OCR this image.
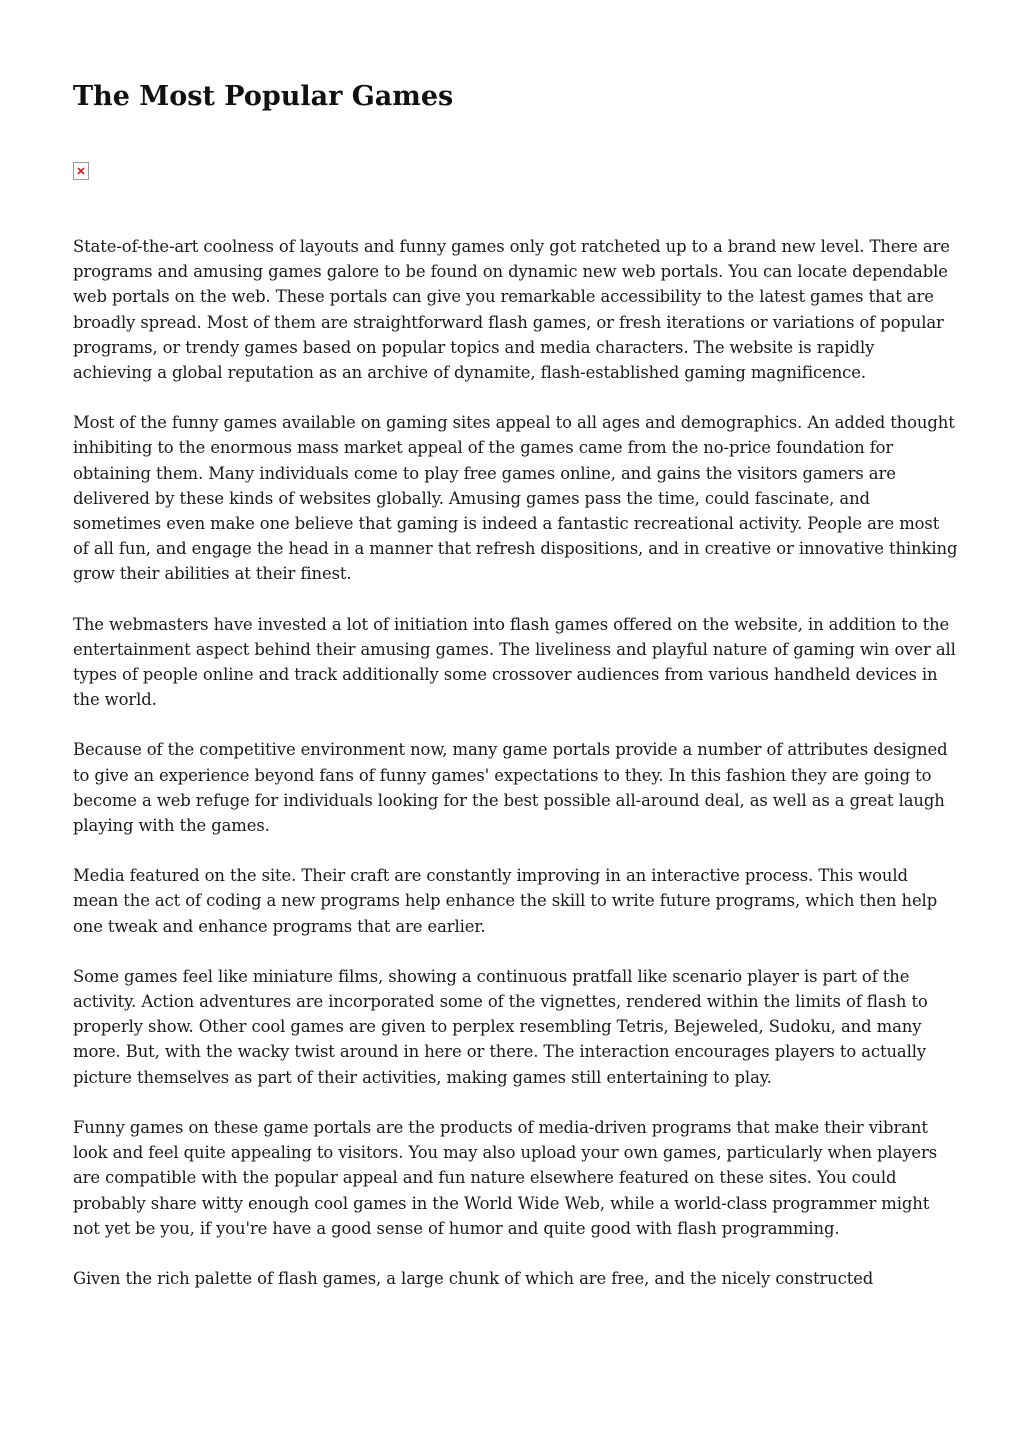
The Most Popular Games

State-of-the-art coolness of layouts and funny games only got ratcheted up to a brand new level. There are programs and amusing games galore to be found on dynamic new web portals. You can locate dependable web portals on the web. These portals can give you remarkable accessibility to the latest games that are broadly spread. Most of them are straightforward flash games, or fresh iterations or variations of popular programs, or trendy games based on popular topics and media characters. The website is rapidly achieving a global reputation as an archive of dynamite, flash-established gaming magnificence.

Most of the funny games available on gaming sites appeal to all ages and demographics. An added thought inhibiting to the enormous mass market appeal of the games came from the no-price foundation for obtaining them. Many individuals come to play free games online, and gains the visitors gamers are delivered by these kinds of websites globally. Amusing games pass the time, could fascinate, and sometimes even make one believe that gaming is indeed a fantastic recreational activity. People are most of all fun, and engage the head in a manner that refresh dispositions, and in creative or innovative thinking grow their abilities at their finest.

The webmasters have invested a lot of initiation into flash games offered on the website, in addition to the entertainment aspect behind their amusing games. The liveliness and playful nature of gaming win over all types of people online and track additionally some crossover audiences from various handheld devices in the world.

Because of the competitive environment now, many game portals provide a number of attributes designed to give an experience beyond fans of funny games' expectations to they. In this fashion they are going to become a web refuge for individuals looking for the best possible all-around deal, as well as a great laugh playing with the games.

Media featured on the site. Their craft are constantly improving in an interactive process. This would mean the act of coding a new programs help enhance the skill to write future programs, which then help one tweak and enhance programs that are earlier.

Some games feel like miniature films, showing a continuous pratfall like scenario player is part of the activity. Action adventures are incorporated some of the vignettes, rendered within the limits of flash to properly show. Other cool games are given to perplex resembling Tetris, Bejeweled, Sudoku, and many more. But, with the wacky twist around in here or there. The interaction encourages players to actually picture themselves as part of their activities, making games still entertaining to play.

Funny games on these game portals are the products of media-driven programs that make their vibrant look and feel quite appealing to visitors. You may also upload your own games, particularly when players are compatible with the popular appeal and fun nature elsewhere featured on these sites. You could probably share witty enough cool games in the World Wide Web, while a world-class programmer might not yet be you, if you're have a good sense of humor and quite good with flash programming.

Given the rich palette of flash games, a large chunk of which are free, and the nicely constructed
